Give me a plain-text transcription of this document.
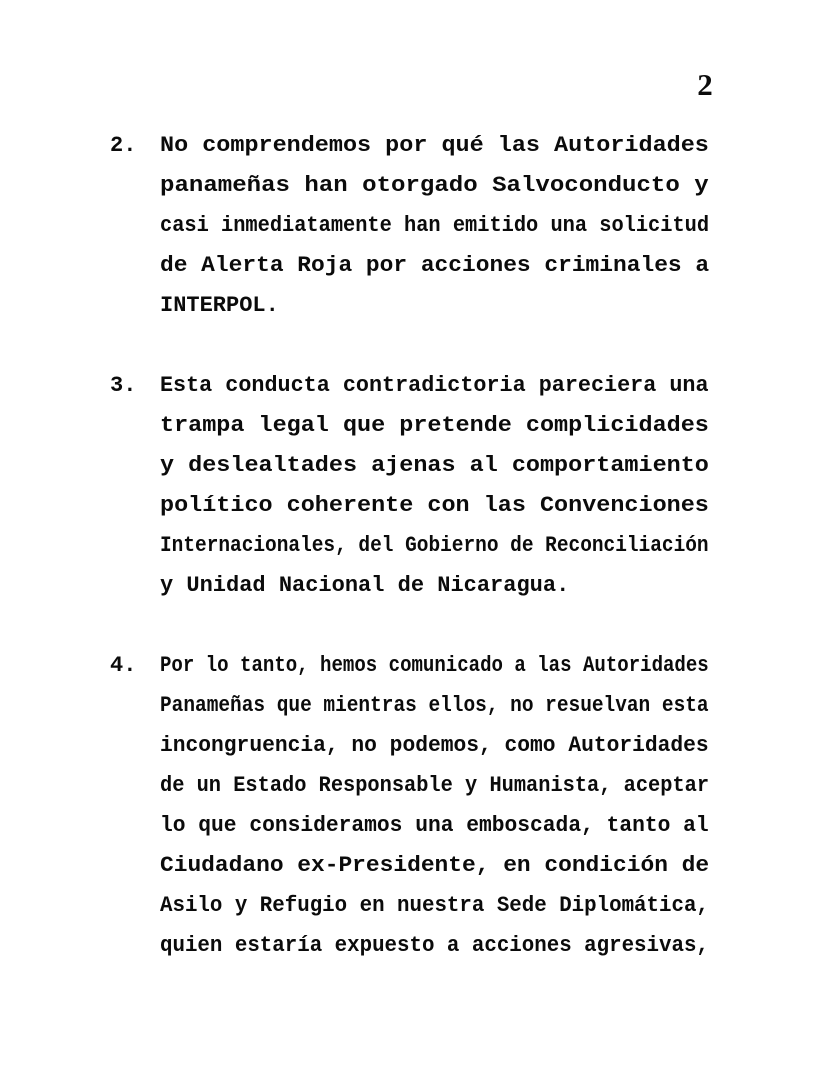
2
2.	No comprendemos por qué las Autoridades
panameñas han otorgado Salvoconducto y
casi inmediatamente han emitido una solicitud
de Alerta Roja por acciones criminales a
INTERPOL.
3.	Esta conducta contradictoria pareciera una
trampa legal que pretende complicidades
y deslealtades ajenas al comportamiento
político coherente con las Convenciones
Internacionales, del Gobierno de Reconciliación
y Unidad Nacional de Nicaragua.
4.	Por lo tanto, hemos comunicado a las Autoridades
Panameñas que mientras ellos, no resuelvan esta
incongruencia, no podemos, como Autoridades
de un Estado Responsable y Humanista, aceptar
lo que consideramos una emboscada, tanto al
Ciudadano ex-Presidente, en condición de
Asilo y Refugio en nuestra Sede Diplomática,
quien estaría expuesto a acciones agresivas,
